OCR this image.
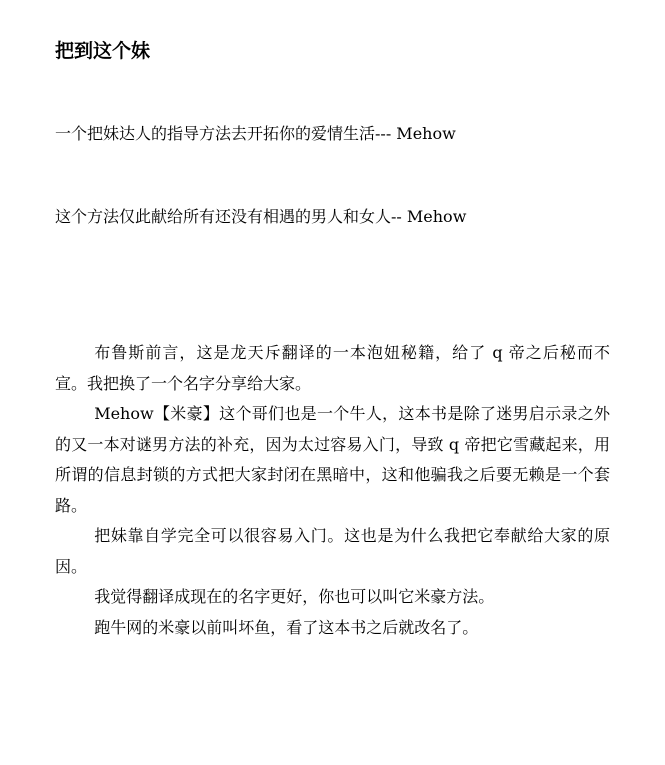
把到这个妹
一个把妹达人的指导方法去开拓你的爱情生活--- Mehow
这个方法仅此献给所有还没有相遇的男人和女人-- Mehow

布鲁斯前言，这是龙天斥翻译的一本泡妞秘籍，给了 q 帝之后秘而不宣。我把换了一个名字分享给大家。

Mehow【米豪】这个哥们也是一个牛人，这本书是除了迷男启示录之外的又一本对谜男方法的补充，因为太过容易入门，导致 q 帝把它雪藏起来，用所谓的信息封锁的方式把大家封闭在黑暗中，这和他骗我之后要无赖是一个套路。

把妹靠自学完全可以很容易入门。这也是为什么我把它奉献给大家的原因。

我觉得翻译成现在的名字更好，你也可以叫它米豪方法。

跑牛网的米豪以前叫坏鱼，看了这本书之后就改名了。
